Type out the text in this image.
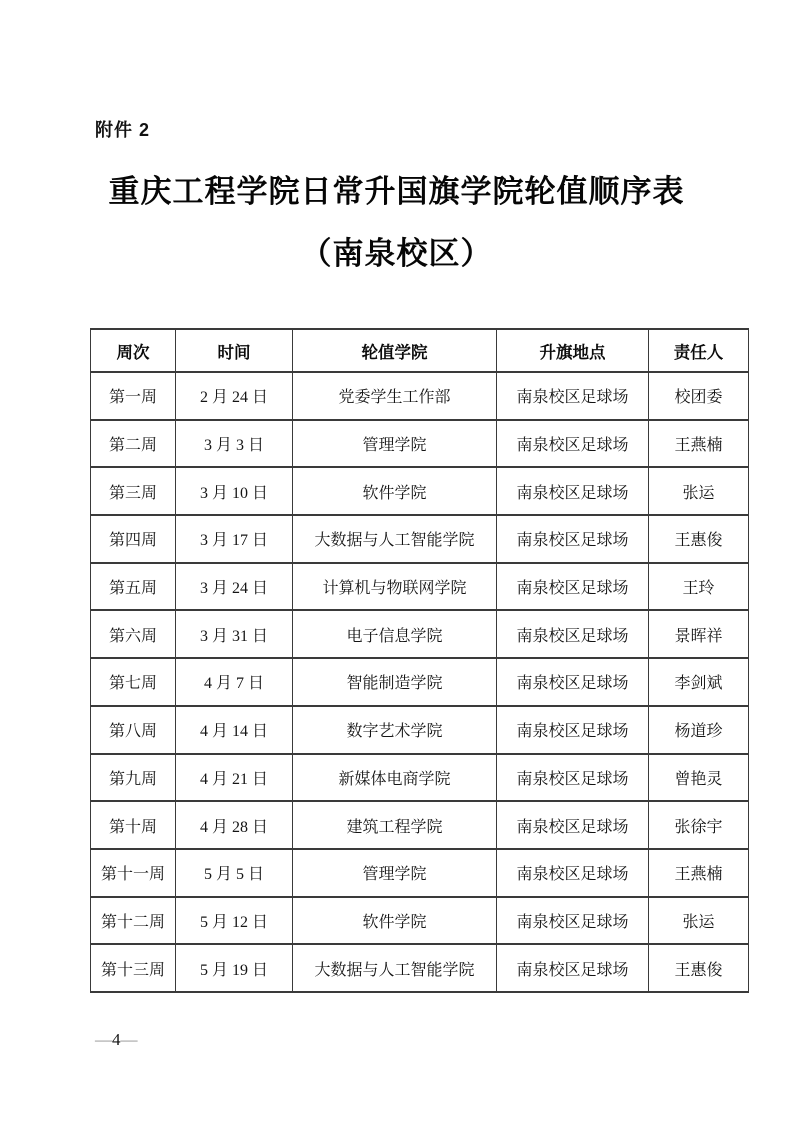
附件 2
重庆工程学院日常升国旗学院轮值顺序表
（南泉校区）
周次	时间	轮值学院	升旗地点	责任人
第一周	2 月 24 日	党委学生工作部	南泉校区足球场	校团委
第二周	3 月 3 日	管理学院	南泉校区足球场	王燕楠
第三周	3 月 10 日	软件学院	南泉校区足球场	张运
第四周	3 月 17 日	大数据与人工智能学院	南泉校区足球场	王惠俊
第五周	3 月 24 日	计算机与物联网学院	南泉校区足球场	王玲
第六周	3 月 31 日	电子信息学院	南泉校区足球场	景晖祥
第七周	4 月 7 日	智能制造学院	南泉校区足球场	李剑斌
第八周	4 月 14 日	数字艺术学院	南泉校区足球场	杨道珍
第九周	4 月 21 日	新媒体电商学院	南泉校区足球场	曾艳灵
第十周	4 月 28 日	建筑工程学院	南泉校区足球场	张徐宇
第十一周	5 月 5 日	管理学院	南泉校区足球场	王燕楠
第十二周	5 月 12 日	软件学院	南泉校区足球场	张运
第十三周	5 月 19 日	大数据与人工智能学院	南泉校区足球场	王惠俊
—4—
